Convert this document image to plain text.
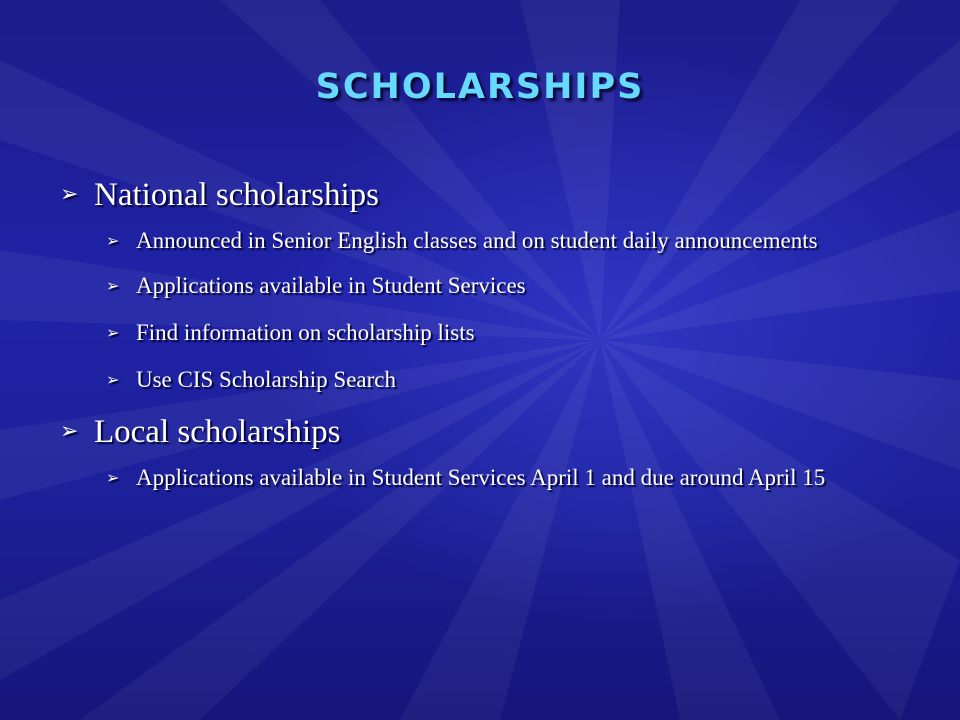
scholarships
➢ National scholarships
➢ Announced in Senior English classes and on student daily announcements
➢ Applications available in Student Services
➢ Find information on scholarship lists
➢ Use CIS Scholarship Search
➢ Local scholarships
➢ Applications available in Student Services April 1 and due around April 15
